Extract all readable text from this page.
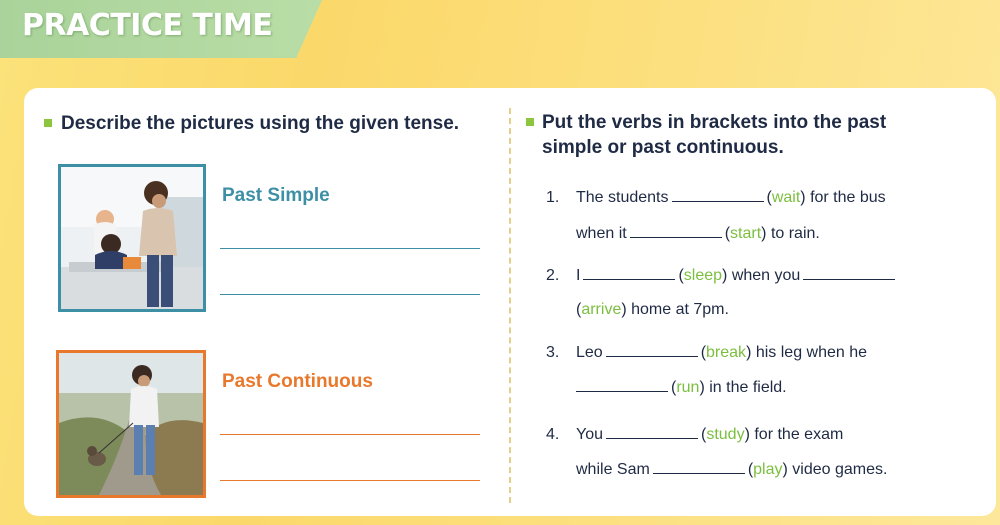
PRACTICE TIME
Describe the pictures using the given tense.
Past Simple
Past Continuous
Put the verbs in brackets into the past
simple or past continuous.
1. The students	(wait) for the bus
when it	(start) to rain.
2. I	(sleep) when you
(arrive) home at 7pm.
3. Leo	(break) his leg when he
(run) in the field.
4. You	(study) for the exam
while Sam	(play) video games.
